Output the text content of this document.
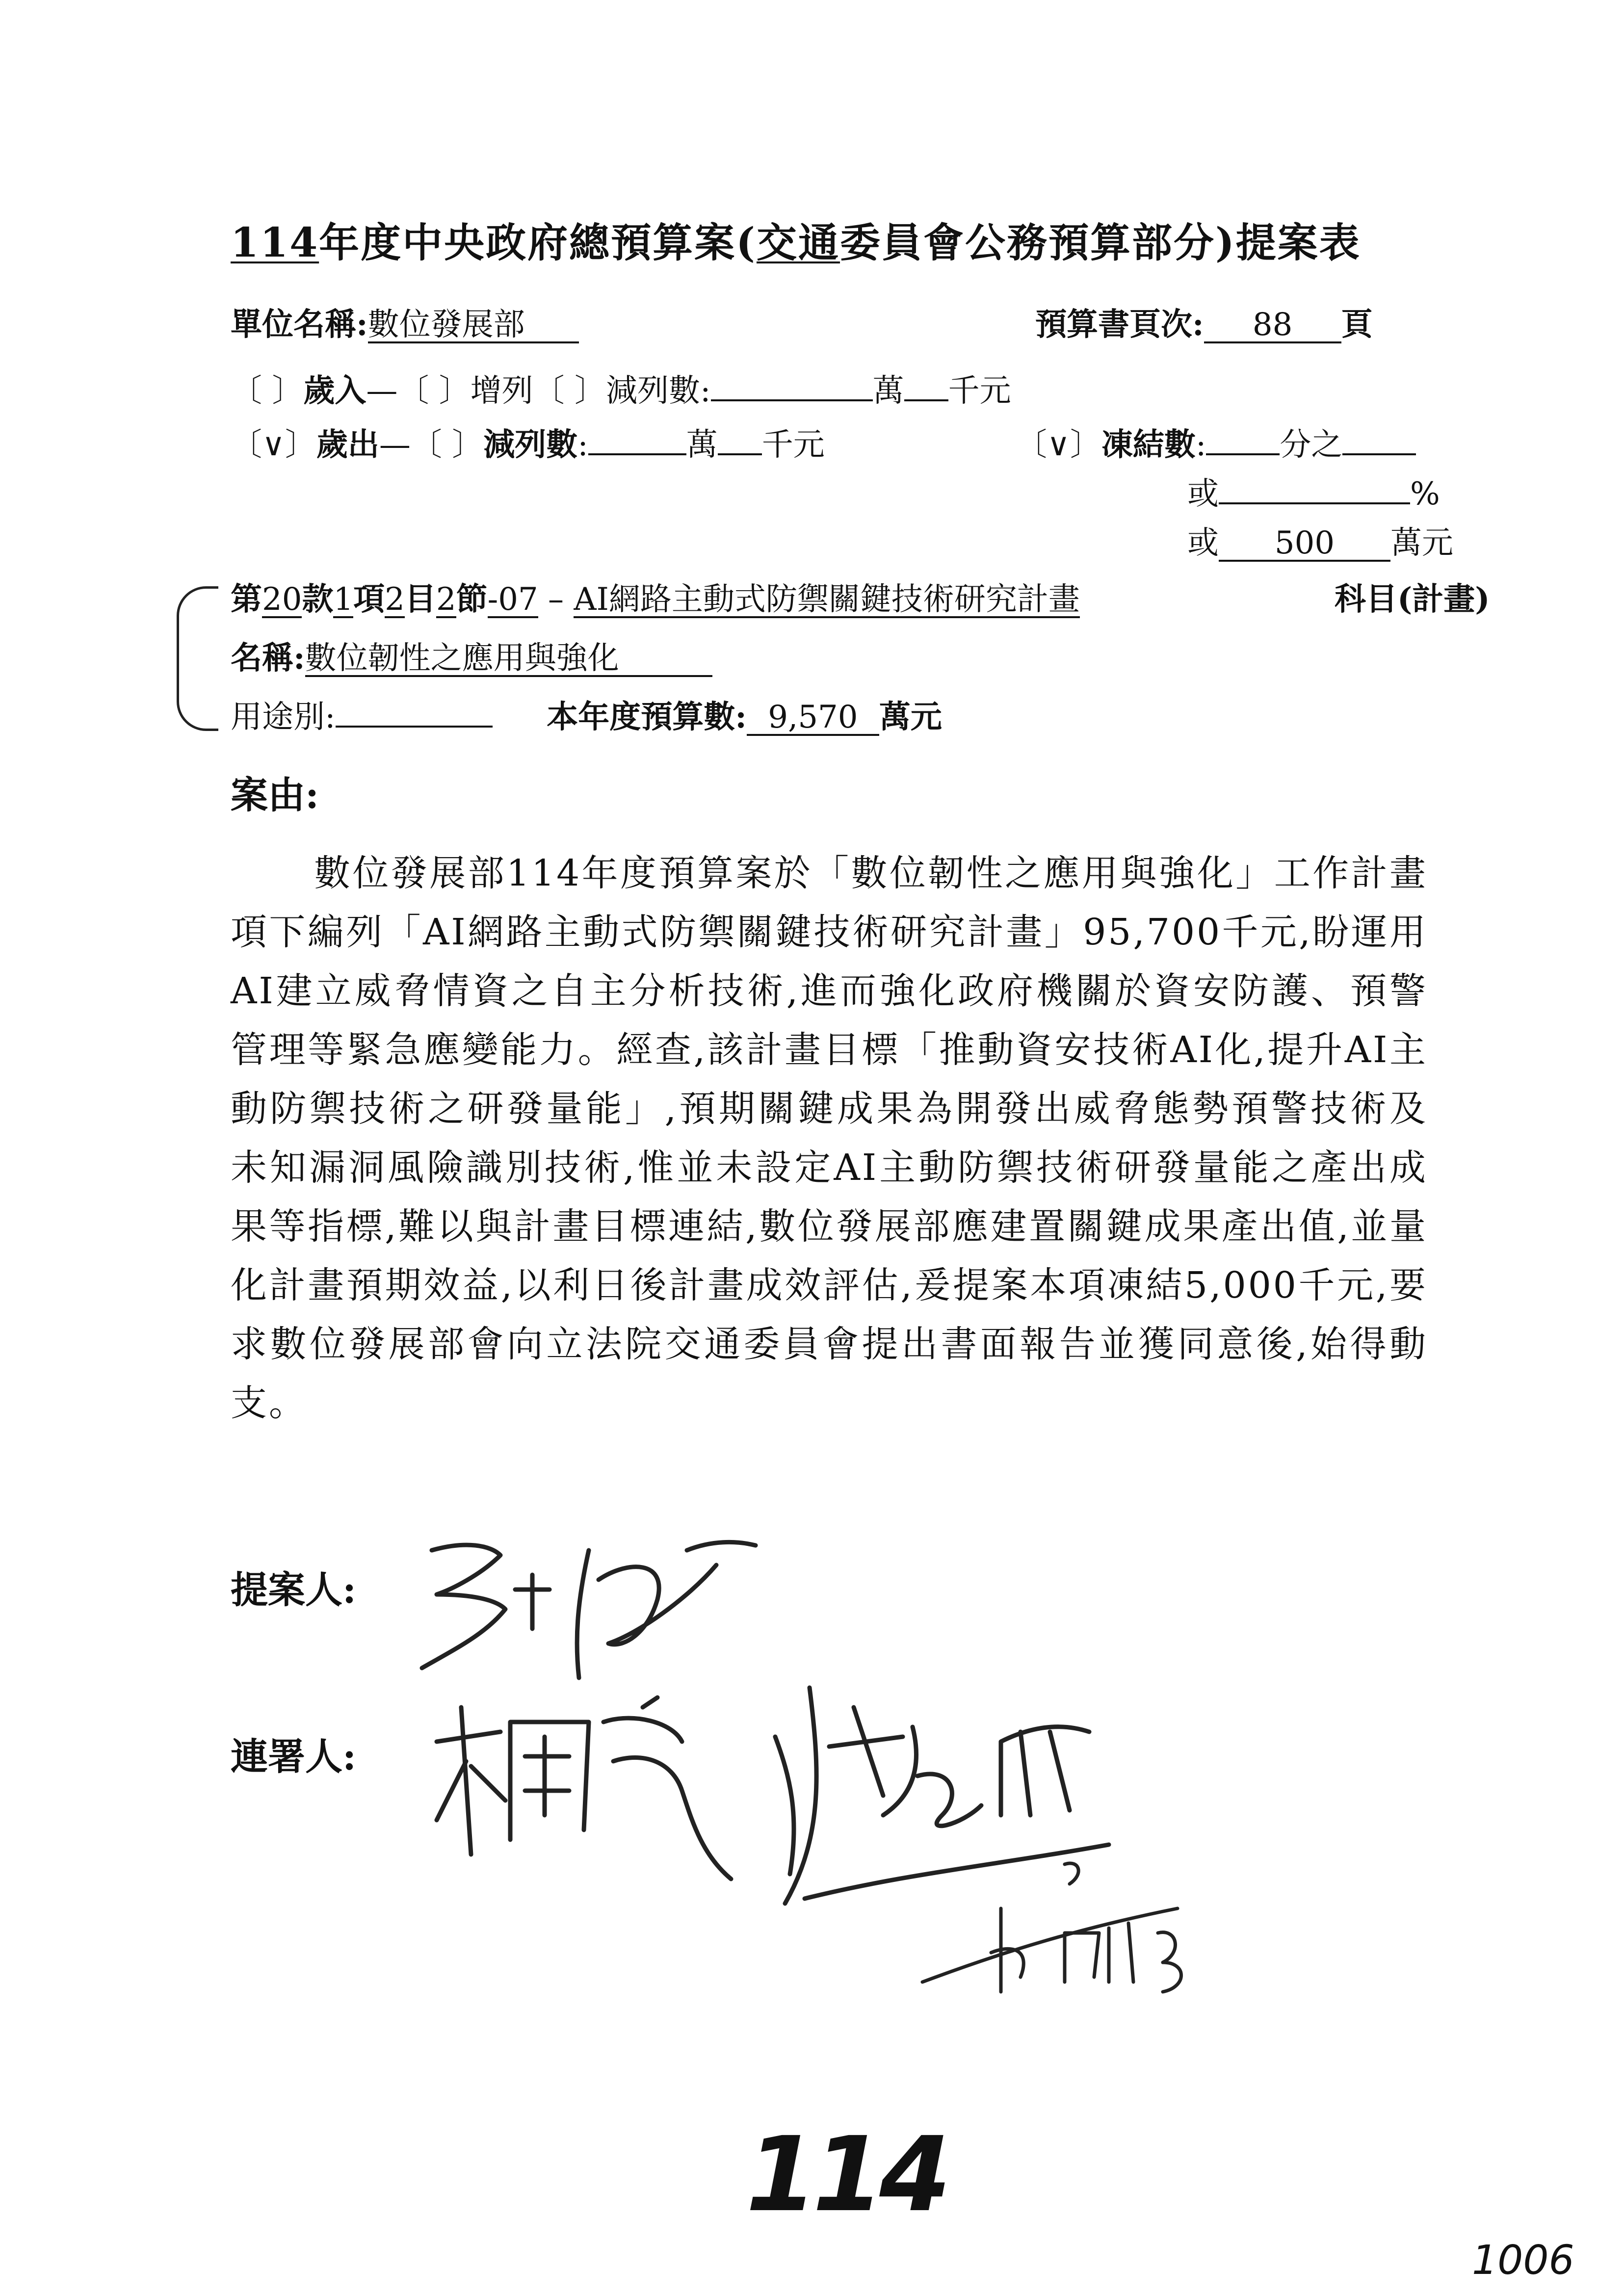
114年度中央政府總預算案(交通委員會公務預算部分)提案表
單位名稱:數位發展部	預算書頁次: 88 頁
〔 〕歲入—〔 〕增列〔 〕減列數:	萬 千元
〔∨〕歲出—〔 〕減列數:	萬 千元	〔∨〕凍結數: 分之
或	%
或 500 萬元
第20款1項2目2節-07 – AI網路主動式防禦關鍵技術研究計畫	科目(計畫)
名稱:數位韌性之應用與強化
用途別:	本年度預算數: 9,570 萬元
案由:

數位發展部114年度預算案於「數位韌性之應用與強化」工作計畫項下編列「AI網路主動式防禦關鍵技術研究計畫」95,700千元,盼運用AI建立威脅情資之自主分析技術,進而強化政府機關於資安防護、預警管理等緊急應變能力。經查,該計畫目標「推動資安技術AI化,提升AI主動防禦技術之研發量能」,預期關鍵成果為開發出威脅態勢預警技術及未知漏洞風險識別技術,惟並未設定AI主動防禦技術研發量能之產出成果等指標,難以與計畫目標連結,數位發展部應建置關鍵成果產出值,並量化計畫預期效益,以利日後計畫成效評估,爰提案本項凍結5,000千元,要求數位發展部會向立法院交通委員會提出書面報告並獲同意後,始得動支。

提案人:
連署人:
114
1006
